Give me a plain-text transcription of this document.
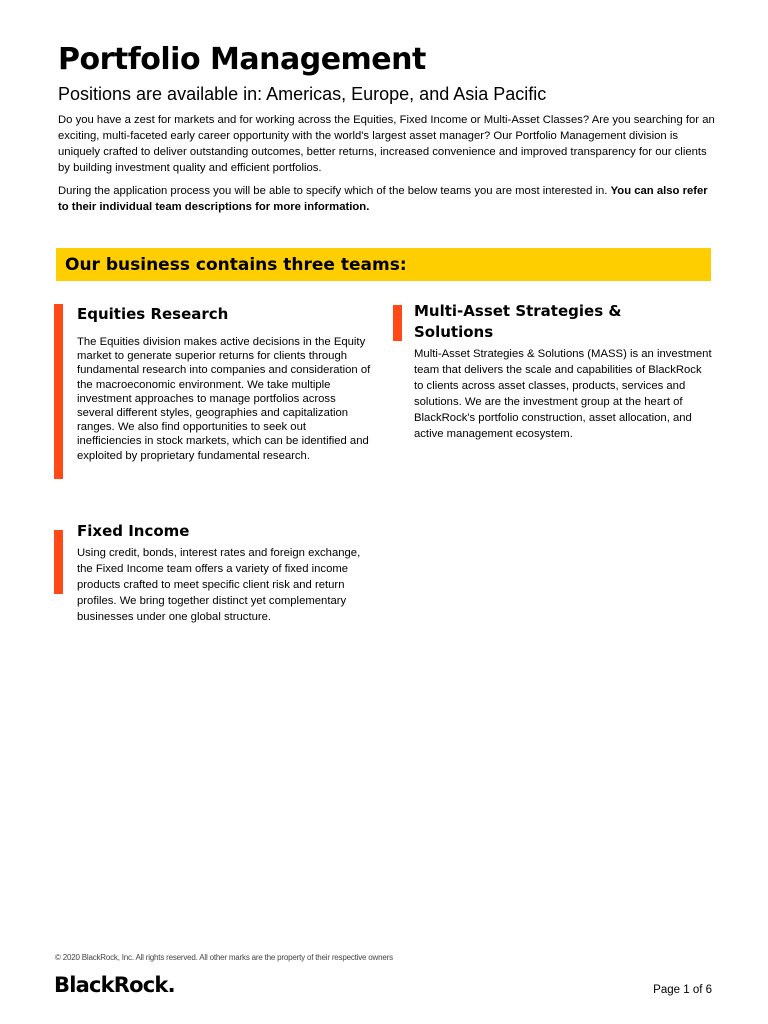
Portfolio Management

Positions are available in: Americas, Europe, and Asia Pacific

Do you have a zest for markets and for working across the Equities, Fixed Income or Multi-Asset Classes? Are you searching for an exciting, multi-faceted early career opportunity with the world's largest asset manager? Our Portfolio Management division is uniquely crafted to deliver outstanding outcomes, better returns, increased convenience and improved transparency for our clients by building investment quality and efficient portfolios.

During the application process you will be able to specify which of the below teams you are most interested in. You can also refer to their individual team descriptions for more information.

Our business contains three teams:
Equities Research

The Equities division makes active decisions in the Equity market to generate superior returns for clients through fundamental research into companies and consideration of the macroeconomic environment. We take multiple investment approaches to manage portfolios across several different styles, geographies and capitalization ranges. We also find opportunities to seek out inefficiencies in stock markets, which can be identified and exploited by proprietary fundamental research.

Multi-Asset Strategies & Solutions

Multi-Asset Strategies & Solutions (MASS) is an investment team that delivers the scale and capabilities of BlackRock to clients across asset classes, products, services and solutions. We are the investment group at the heart of BlackRock's portfolio construction, asset allocation, and active management ecosystem.

Fixed Income

Using credit, bonds, interest rates and foreign exchange, the Fixed Income team offers a variety of fixed income products crafted to meet specific client risk and return profiles. We bring together distinct yet complementary businesses under one global structure.

© 2020 BlackRock, Inc. All rights reserved. All other marks are the property of their respective owners
BlackRock.	Page 1 of 6
